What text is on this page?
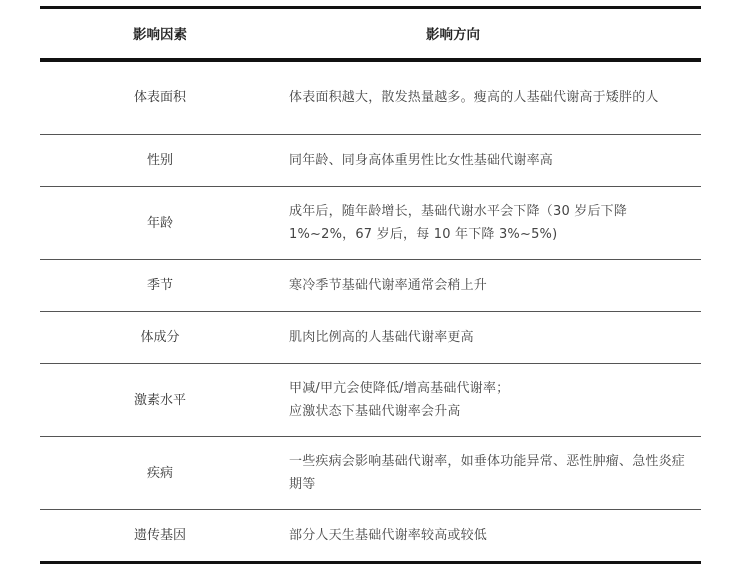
影响因素	影响方向
体表面积	体表面积越大，散发热量越多。瘦高的人基础代谢高于矮胖的人
性别	同年龄、同身高体重男性比女性基础代谢率高
年龄	成年后，随年龄增长，基础代谢水平会下降（30 岁后下降 1%~2%，67 岁后，每 10 年下降 3%~5%)
季节	寒冷季节基础代谢率通常会稍上升
体成分	肌肉比例高的人基础代谢率更高
激素水平	甲减/甲亢会使降低/增高基础代谢率；
应激状态下基础代谢率会升高

疾病	一些疾病会影响基础代谢率，如垂体功能异常、恶性肿瘤、急性炎症期等
遗传基因	部分人天生基础代谢率较高或较低
